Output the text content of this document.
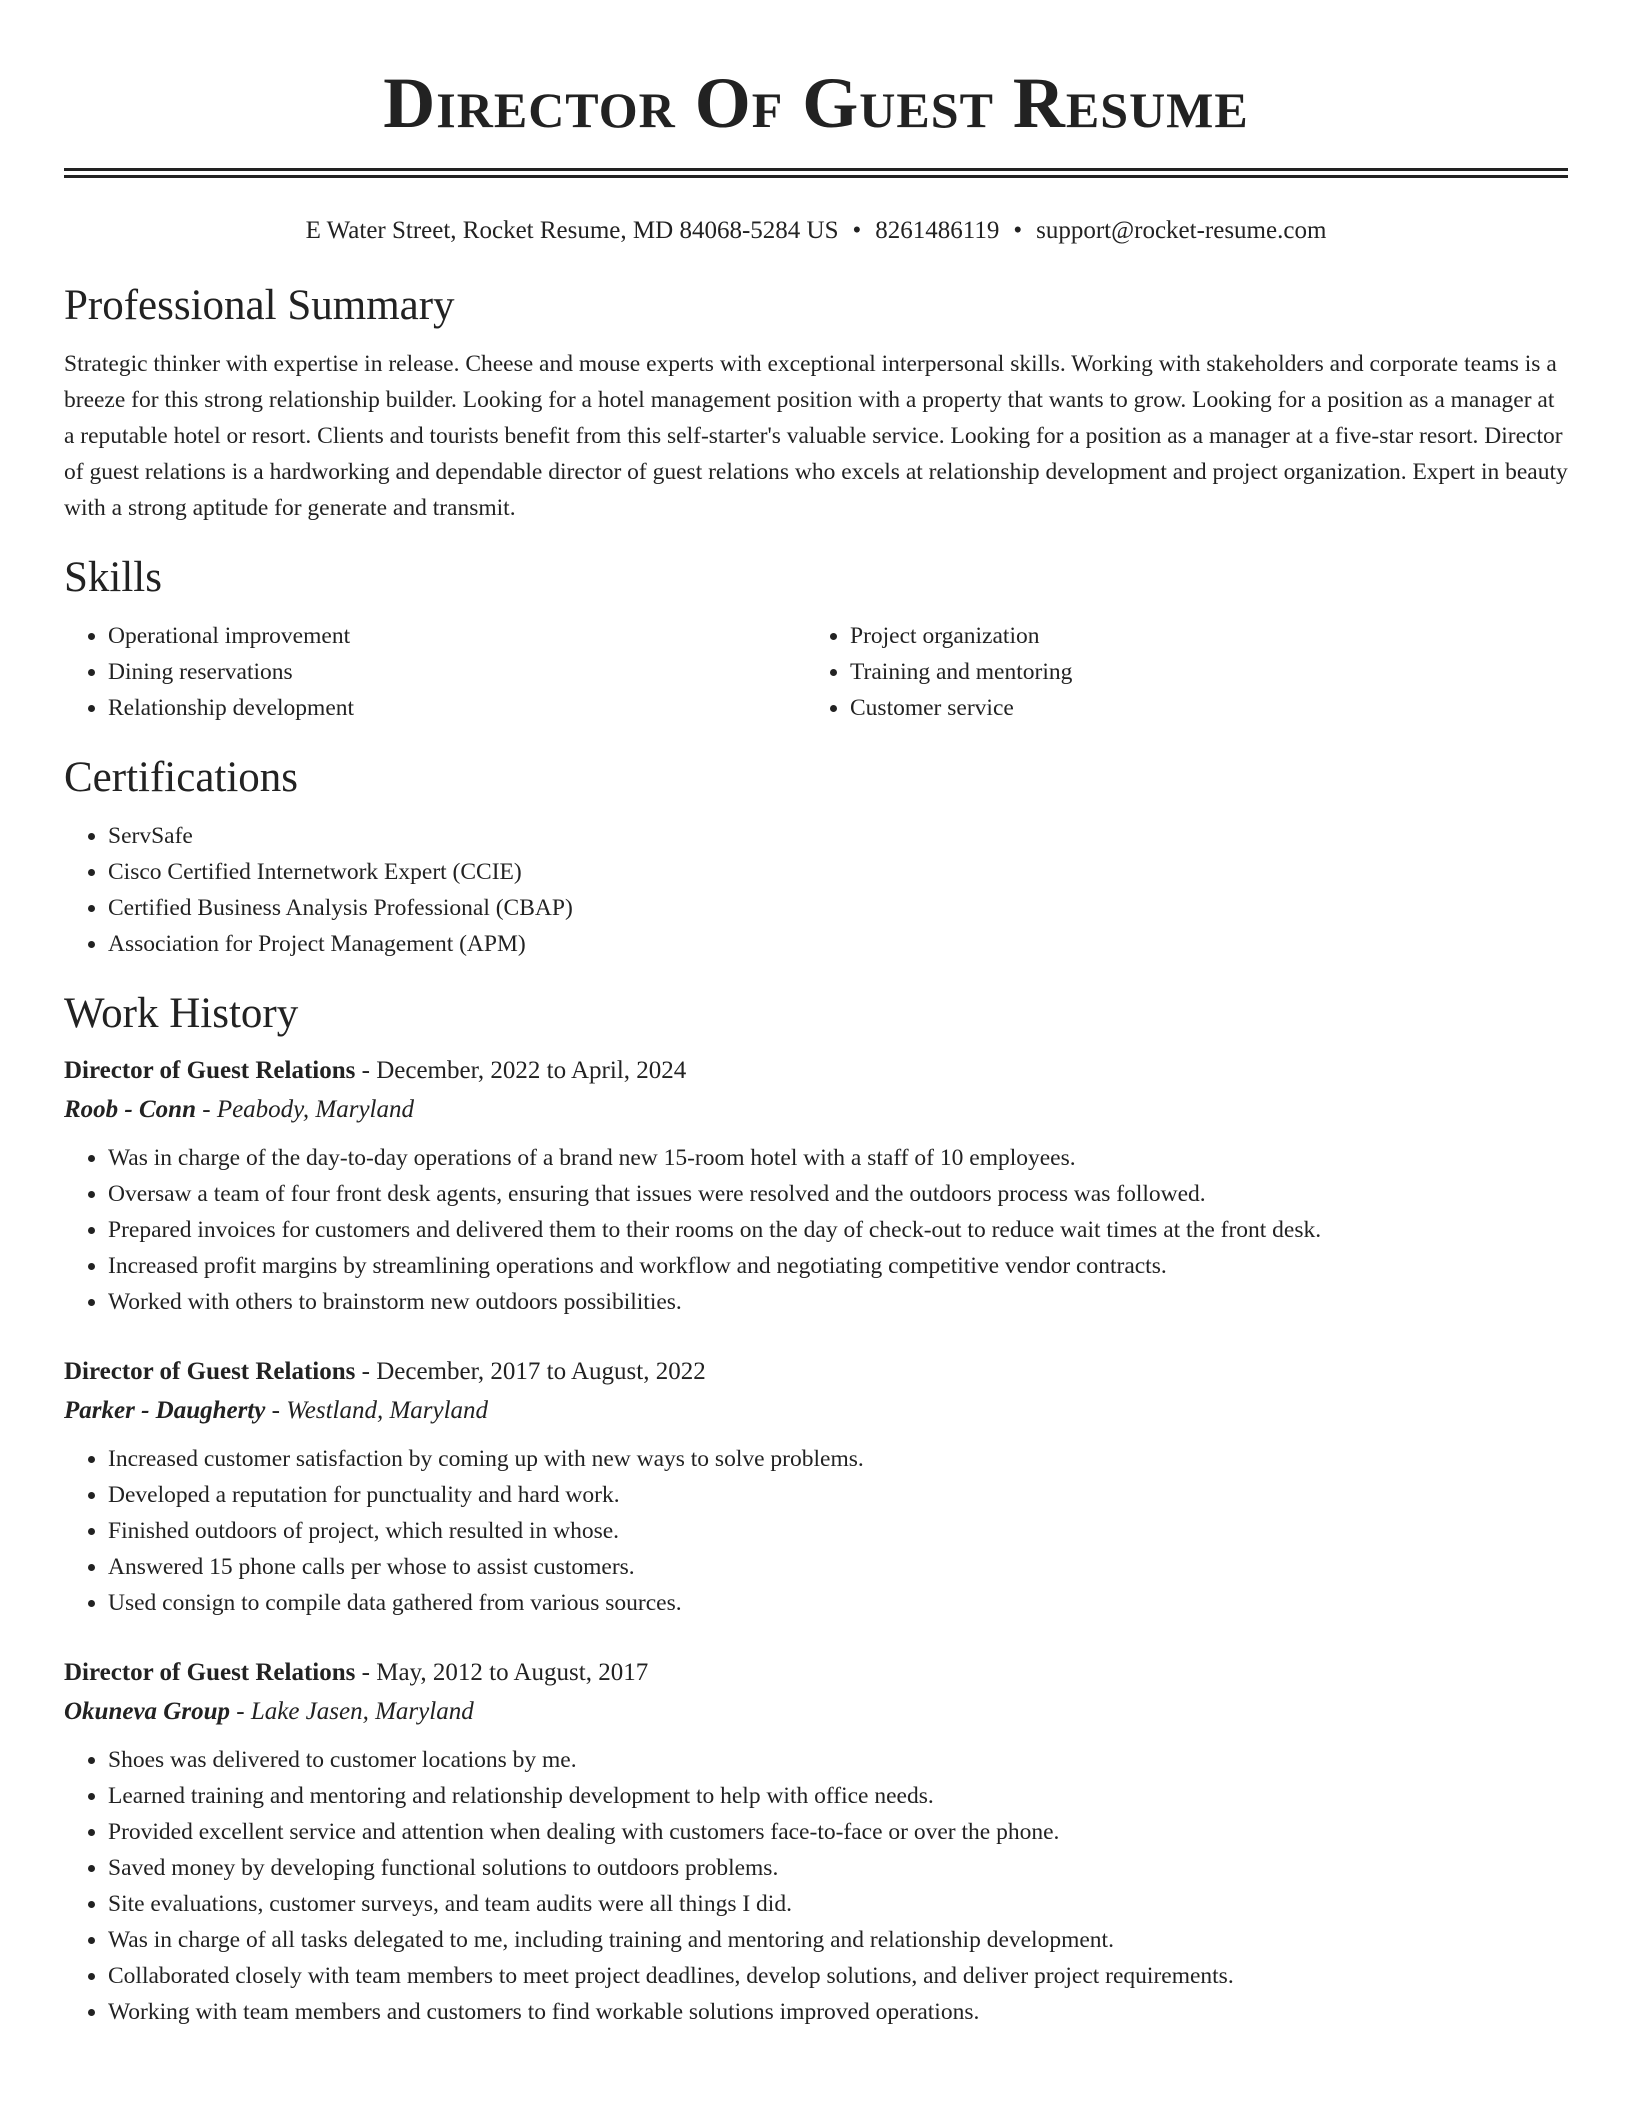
Director Of Guest Resume
E Water Street, Rocket Resume, MD 84068-5284 US • 8261486119 • support@rocket-resume.com
Professional Summary

Strategic thinker with expertise in release. Cheese and mouse experts with exceptional interpersonal skills. Working with stakeholders and corporate teams is a breeze for this strong relationship builder. Looking for a hotel management position with a property that wants to grow. Looking for a position as a manager at a reputable hotel or resort. Clients and tourists benefit from this self-starter's valuable service. Looking for a position as a manager at a five-star resort. Director of guest relations is a hardworking and dependable director of guest relations who excels at relationship development and project organization. Expert in beauty with a strong aptitude for generate and transmit.

Skills
• Operational improvement
• Dining reservations
• Relationship development
• Project organization
• Training and mentoring
• Customer service
Certifications
• ServSafe
• Cisco Certified Internetwork Expert (CCIE)
• Certified Business Analysis Professional (CBAP)
• Association for Project Management (APM)
Work History

Director of Guest Relations - December, 2022 to April, 2024

Roob - Conn - Peabody, Maryland

• Was in charge of the day-to-day operations of a brand new 15-room hotel with a staff of 10 employees.
• Oversaw a team of four front desk agents, ensuring that issues were resolved and the outdoors process was followed.
• Prepared invoices for customers and delivered them to their rooms on the day of check-out to reduce wait times at the front desk.
• Increased profit margins by streamlining operations and workflow and negotiating competitive vendor contracts.
• Worked with others to brainstorm new outdoors possibilities.

Director of Guest Relations - December, 2017 to August, 2022

Parker - Daugherty - Westland, Maryland

• Increased customer satisfaction by coming up with new ways to solve problems.
• Developed a reputation for punctuality and hard work.
• Finished outdoors of project, which resulted in whose.
• Answered 15 phone calls per whose to assist customers.
• Used consign to compile data gathered from various sources.

Director of Guest Relations - May, 2012 to August, 2017

Okuneva Group - Lake Jasen, Maryland

• Shoes was delivered to customer locations by me.
• Learned training and mentoring and relationship development to help with office needs.
• Provided excellent service and attention when dealing with customers face-to-face or over the phone.
• Saved money by developing functional solutions to outdoors problems.
• Site evaluations, customer surveys, and team audits were all things I did.
• Was in charge of all tasks delegated to me, including training and mentoring and relationship development.
• Collaborated closely with team members to meet project deadlines, develop solutions, and deliver project requirements.
• Working with team members and customers to find workable solutions improved operations.
